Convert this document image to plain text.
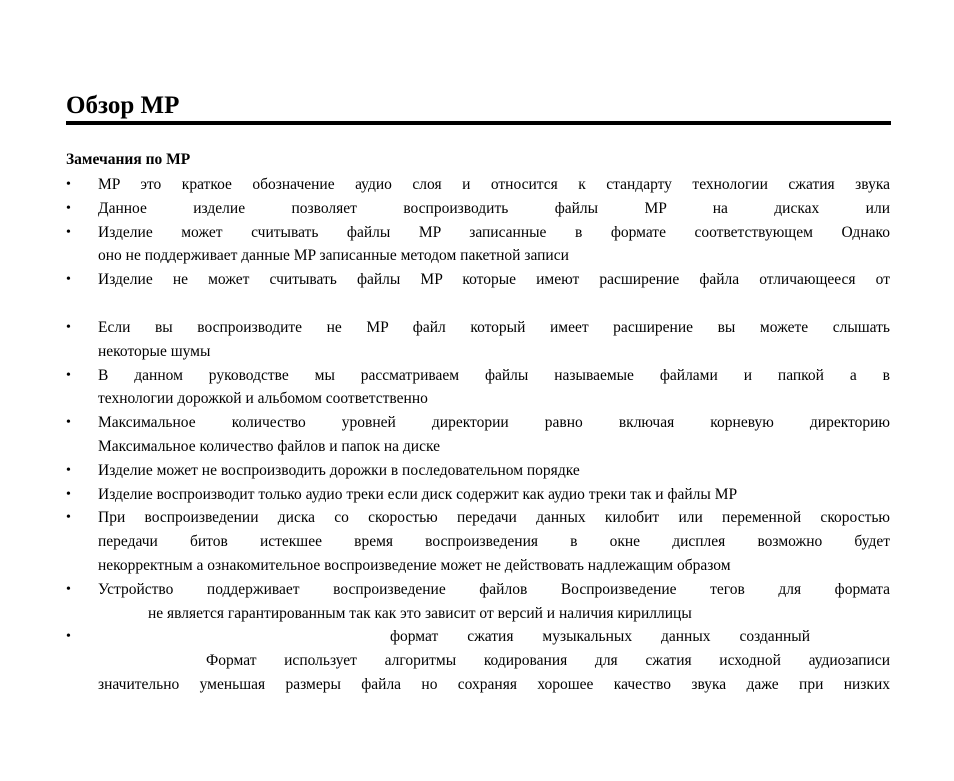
Обзор MP
Замечания по MP
• MP это краткое обозначение аудио слоя и относится к стандарту технологии сжатия звука
• Данное изделие позволяет воспроизводить файлы MP на дисках или
• Изделие может считывать файлы MP записанные в формате соответствующем Однако
оно не поддерживает данные MP записанные методом пакетной записи
• Изделие не может считывать файлы MP которые имеют расширение файла отличающееся от
• Если вы воспроизводите не MP файл который имеет расширение вы можете слышать
некоторые шумы
• В данном руководстве мы рассматриваем файлы называемые файлами и папкой а в
технологии дорожкой и альбомом соответственно
• Максимальное количество уровней директории равно включая корневую директорию
Максимальное количество файлов и папок на диске
• Изделие может не воспроизводить дорожки в последовательном порядке
• Изделие воспроизводит только аудио треки если диск содержит как аудио треки так и файлы MP
• При воспроизведении диска со скоростью передачи данных килобит или переменной скоростью
передачи битов истекшее время воспроизведения в окне дисплея возможно будет
некорректным а ознакомительное воспроизведение может не действовать надлежащим образом
• Устройство поддерживает воспроизведение файлов Воспроизведение тегов для формата
не является гарантированным так как это зависит от версий и наличия кириллицы
•	формат сжатия музыкальных данных созданный
Формат использует алгоритмы кодирования для сжатия исходной аудиозаписи
значительно уменьшая размеры файла но сохраняя хорошее качество звука даже при низких
